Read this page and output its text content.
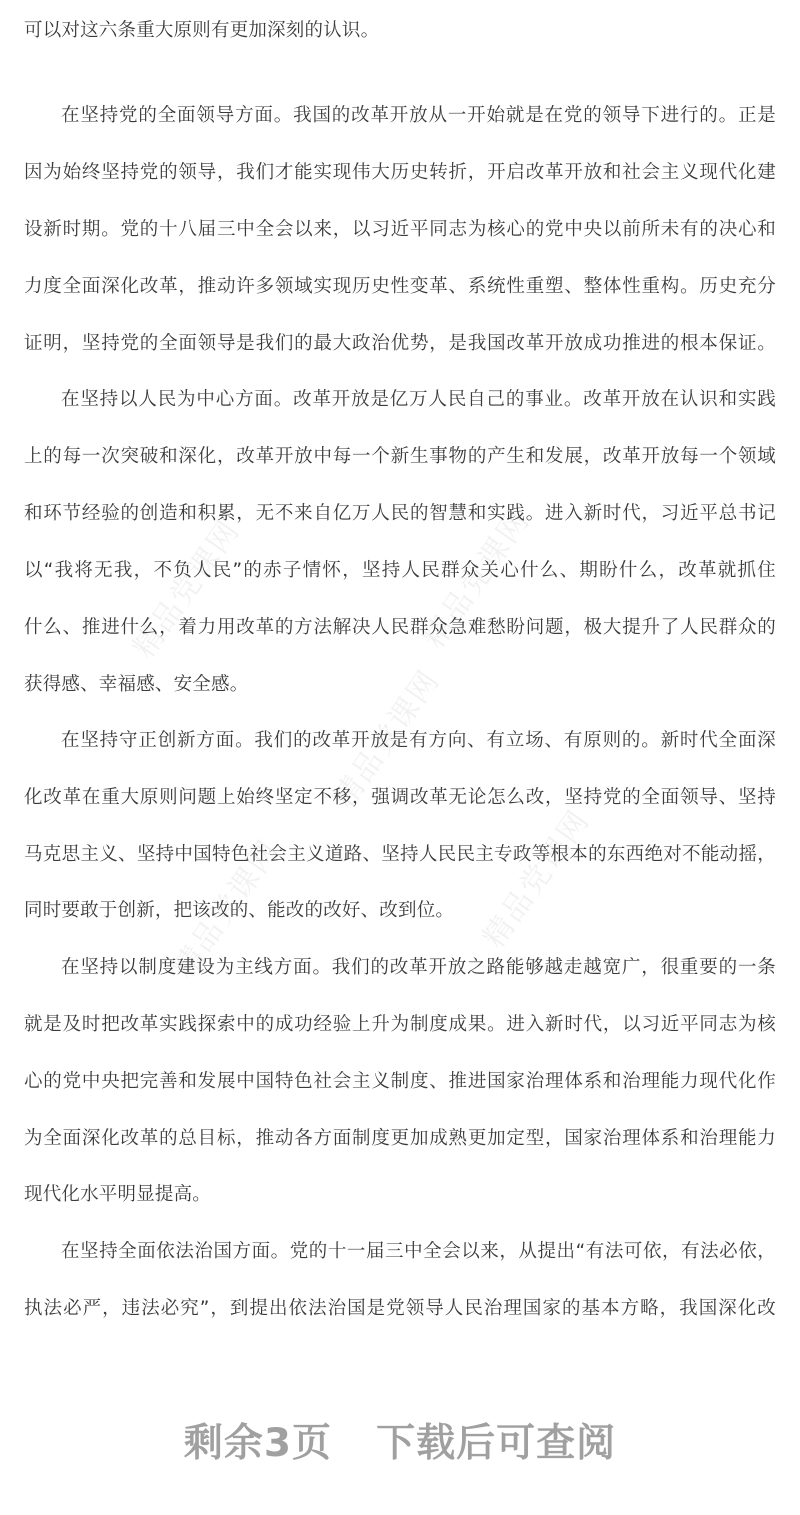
精品党课网
精品党课网
精品党课网
精品党课网
精品党课网
可以对这六条重大原则有更加深刻的认识。
在坚持党的全面领导方面。我国的改革开放从一开始就是在党的领导下进行的。正是
因为始终坚持党的领导，我们才能实现伟大历史转折，开启改革开放和社会主义现代化建
设新时期。党的十八届三中全会以来，以习近平同志为核心的党中央以前所未有的决心和
力度全面深化改革，推动许多领域实现历史性变革、系统性重塑、整体性重构。历史充分
证明，坚持党的全面领导是我们的最大政治优势，是我国改革开放成功推进的根本保证。
在坚持以人民为中心方面。改革开放是亿万人民自己的事业。改革开放在认识和实践
上的每一次突破和深化，改革开放中每一个新生事物的产生和发展，改革开放每一个领域
和环节经验的创造和积累，无不来自亿万人民的智慧和实践。进入新时代，习近平总书记
以“我将无我，不负人民”的赤子情怀，坚持人民群众关心什么、期盼什么，改革就抓住
什么、推进什么，着力用改革的方法解决人民群众急难愁盼问题，极大提升了人民群众的
获得感、幸福感、安全感。
在坚持守正创新方面。我们的改革开放是有方向、有立场、有原则的。新时代全面深
化改革在重大原则问题上始终坚定不移，强调改革无论怎么改，坚持党的全面领导、坚持
马克思主义、坚持中国特色社会主义道路、坚持人民民主专政等根本的东西绝对不能动摇，
同时要敢于创新，把该改的、能改的改好、改到位。
在坚持以制度建设为主线方面。我们的改革开放之路能够越走越宽广，很重要的一条
就是及时把改革实践探索中的成功经验上升为制度成果。进入新时代，以习近平同志为核
心的党中央把完善和发展中国特色社会主义制度、推进国家治理体系和治理能力现代化作
为全面深化改革的总目标，推动各方面制度更加成熟更加定型，国家治理体系和治理能力
现代化水平明显提高。
在坚持全面依法治国方面。党的十一届三中全会以来，从提出“有法可依，有法必依，
执法必严，违法必究”，到提出依法治国是党领导人民治理国家的基本方略，我国深化改
剩余3页 下载后可查阅
